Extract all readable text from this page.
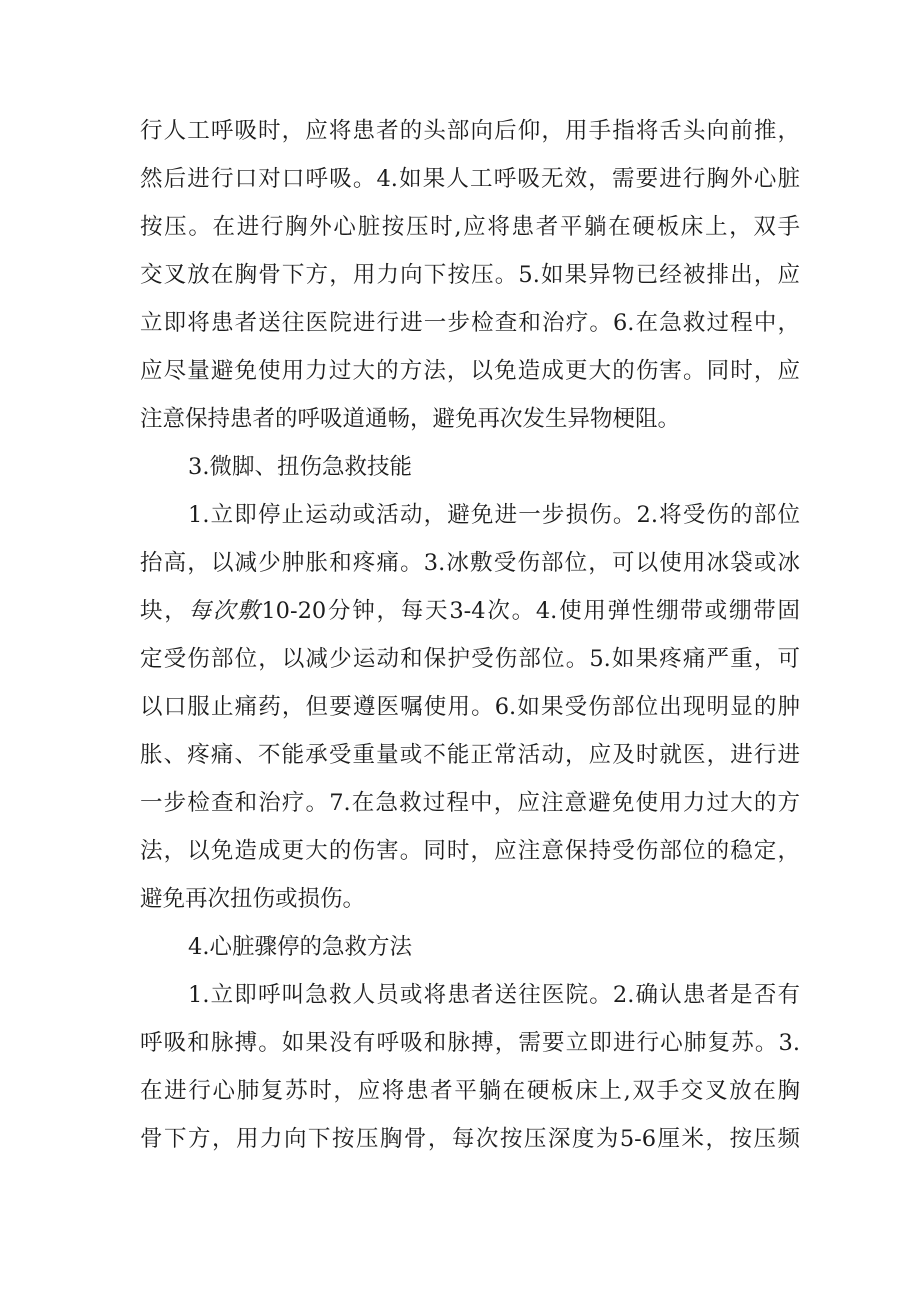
行人工呼吸时，应将患者的头部向后仰，用手指将舌头向前推，
然后进行口对口呼吸。4.如果人工呼吸无效，需要进行胸外心脏
按压。在进行胸外心脏按压时,应将患者平躺在硬板床上，双手
交叉放在胸骨下方，用力向下按压。5.如果异物已经被排出，应
立即将患者送往医院进行进一步检查和治疗。6.在急救过程中，
应尽量避免使用力过大的方法，以免造成更大的伤害。同时，应
注意保持患者的呼吸道通畅，避免再次发生异物梗阻。
3.微脚、扭伤急救技能
1.立即停止运动或活动，避免进一步损伤。2.将受伤的部位
抬高，以减少肿胀和疼痛。3.冰敷受伤部位，可以使用冰袋或冰
块，每次敷10-20分钟，每天3-4次。4.使用弹性绷带或绷带固
定受伤部位，以减少运动和保护受伤部位。5.如果疼痛严重，可
以口服止痛药，但要遵医嘱使用。6.如果受伤部位出现明显的肿
胀、疼痛、不能承受重量或不能正常活动，应及时就医，进行进
一步检查和治疗。7.在急救过程中，应注意避免使用力过大的方
法，以免造成更大的伤害。同时，应注意保持受伤部位的稳定，
避免再次扭伤或损伤。
4.心脏骤停的急救方法
1.立即呼叫急救人员或将患者送往医院。2.确认患者是否有
呼吸和脉搏。如果没有呼吸和脉搏，需要立即进行心肺复苏。3.
在进行心肺复苏时，应将患者平躺在硬板床上,双手交叉放在胸
骨下方，用力向下按压胸骨，每次按压深度为5-6厘米，按压频
